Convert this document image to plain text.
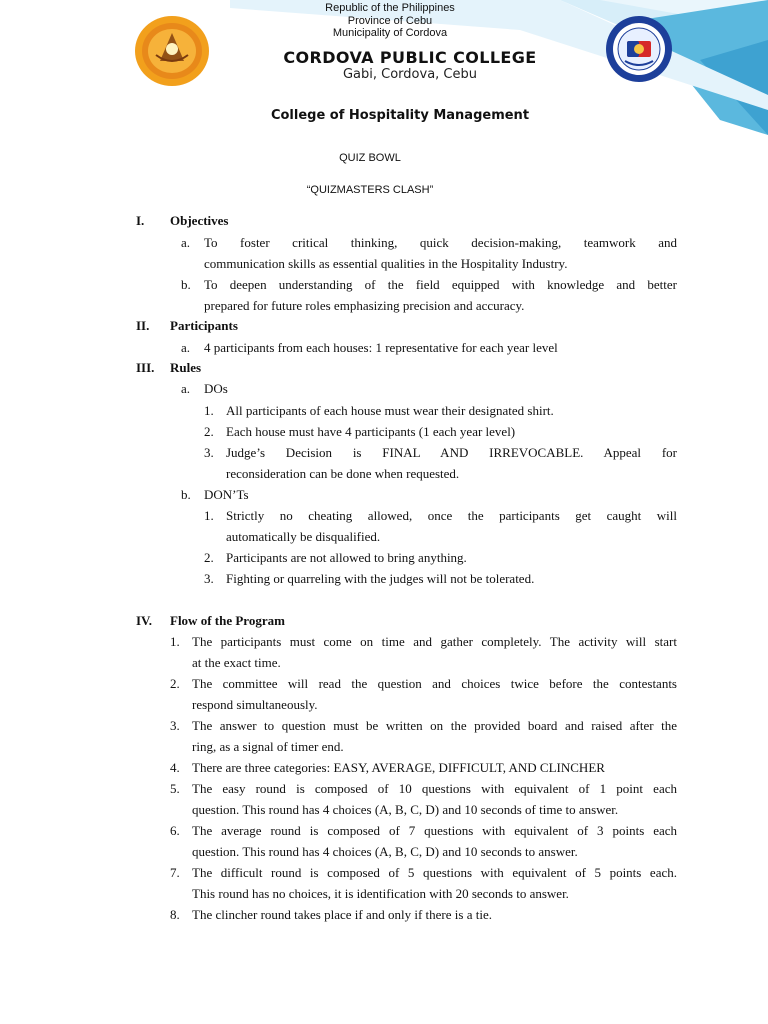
Republic of the Philippines
Province of Cebu
Municipality of Cordova
CORDOVA PUBLIC COLLEGE
Gabi, Cordova, Cebu
College of Hospitality Management
QUIZ BOWL
“QUIZMASTERS CLASH”
I. Objectives
a. To foster critical thinking, quick decision-making, teamwork and
communication skills as essential qualities in the Hospitality Industry.
b. To deepen understanding of the field equipped with knowledge and better
prepared for future roles emphasizing precision and accuracy.
II. Participants
a. 4 participants from each houses: 1 representative for each year level
III. Rules
a. DOs
1. All participants of each house must wear their designated shirt.
2. Each house must have 4 participants (1 each year level)
3. Judge’s Decision is FINAL AND IRREVOCABLE. Appeal for
reconsideration can be done when requested.
b. DON’Ts
1. Strictly no cheating allowed, once the participants get caught will
automatically be disqualified.
2. Participants are not allowed to bring anything.
3. Fighting or quarreling with the judges will not be tolerated.
IV. Flow of the Program
1. The participants must come on time and gather completely. The activity will start
at the exact time.
2. The committee will read the question and choices twice before the contestants
respond simultaneously.
3. The answer to question must be written on the provided board and raised after the
ring, as a signal of timer end.
4. There are three categories: EASY, AVERAGE, DIFFICULT, AND CLINCHER
5. The easy round is composed of 10 questions with equivalent of 1 point each
question. This round has 4 choices (A, B, C, D) and 10 seconds of time to answer.
6. The average round is composed of 7 questions with equivalent of 3 points each
question. This round has 4 choices (A, B, C, D) and 10 seconds to answer.
7. The difficult round is composed of 5 questions with equivalent of 5 points each.
This round has no choices, it is identification with 20 seconds to answer.
8. The clincher round takes place if and only if there is a tie.
